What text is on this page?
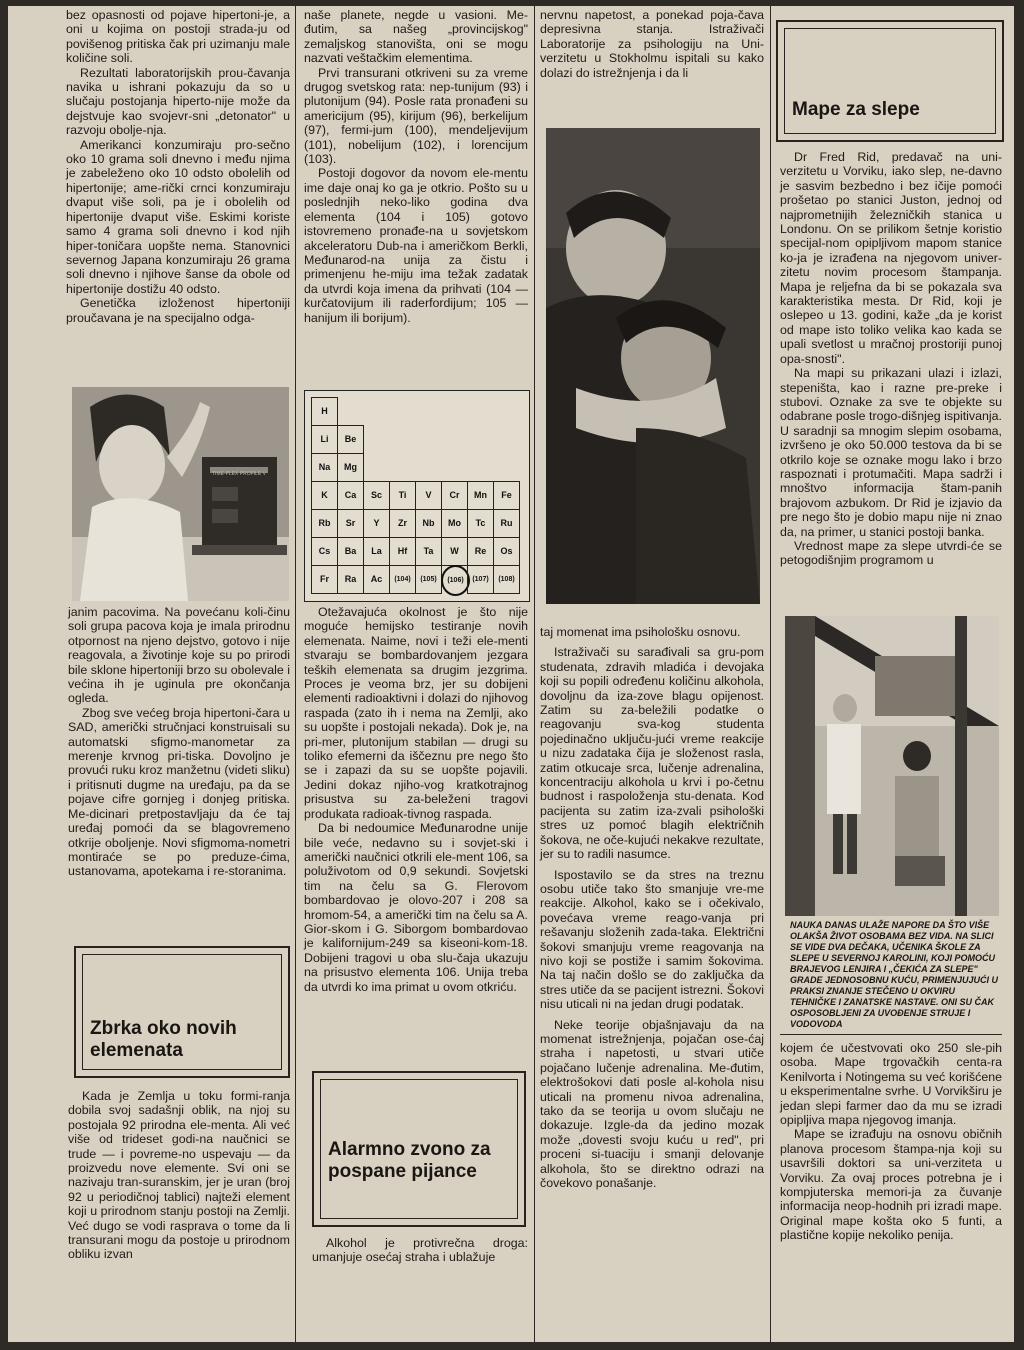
bez opasnosti od pojave hipertoni-je, a oni u kojima on postoji strada-ju od povišenog pritiska čak pri uzimanju male količine soli.

Rezultati laboratorijskih prou-čavanja navika u ishrani pokazuju da so u slučaju postojanja hiperto-nije može da dejstvuje kao svojevr-sni „detonator" u razvoju obolje-nja.

Amerikanci konzumiraju pro-sečno oko 10 grama soli dnevno i među njima je zabeleženo oko 10 odsto obolelih od hipertonije; ame-rički crnci konzumiraju dvaput više soli, pa je i obolelih od hipertonije dvaput više. Eskimi koriste samo 4 grama soli dnevno i kod njih hiper-toničara uopšte nema. Stanovnici severnog Japana konzumiraju 26 grama soli dnevno i njihove šanse da obole od hipertonije dostižu 40 odsto.

Genetička izloženost hipertoniji proučavana je na specijalno odga-

TIME-PLEX PROFILE V

janim pacovima. Na povećanu koli-činu soli grupa pacova koja je imala prirodnu otpornost na njeno dejstvo, gotovo i nije reagovala, a životinje koje su po prirodi bile sklone hipertoniji brzo su obolevale i većina ih je uginula pre okončanja ogleda.

Zbog sve većeg broja hipertoni-čara u SAD, američki stručnjaci konstruisali su automatski sfigmo-manometar za merenje krvnog pri-tiska. Dovoljno je provući ruku kroz manžetnu (videti sliku) i pritisnuti dugme na uređaju, pa da se pojave cifre gornjeg i donjeg pritiska. Me-dicinari pretpostavljaju da će taj uređaj pomoći da se blagovremeno otkrije oboljenje. Novi sfigmoma-nometri montiraće se po preduze-ćima, ustanovama, apotekama i re-storanima.

Zbrka oko novih elemenata

Kada je Zemlja u toku formi-ranja dobila svoj sadašnji oblik, na njoj su postojala 92 prirodna ele-menta. Ali već više od trideset godi-na naučnici se trude — i povreme-no uspevaju — da proizvedu nove elemente. Svi oni se nazivaju tran-suranskim, jer je uran (broj 92 u periodičnoj tablici) najteži element koji u prirodnom stanju postoji na Zemlji. Već dugo se vodi rasprava o tome da li transurani mogu da postoje u prirodnom obliku izvan

naše planete, negde u vasioni. Me-đutim, sa našeg „provincijskog" zemaljskog stanovišta, oni se mogu nazvati veštačkim elementima.

Prvi transurani otkriveni su za vreme drugog svetskog rata: nep-tunijum (93) i plutonijum (94). Posle rata pronađeni su americijum (95), kirijum (96), berkelijum (97), fermi-jum (100), mendeljevijum (101), nobelijum (102), i lorencijum (103).

Postoji dogovor da novom ele-mentu ime daje onaj ko ga je otkrio. Pošto su u poslednjih neko-liko godina dva elementa (104 i 105) gotovo istovremeno pronađe-na u sovjetskom akceleratoru Dub-na i američkom Berkli, Međunarod-na unija za čistu i primenjenu he-miju ima težak zadatak da utvrdi koja imena da prihvati (104 — kurčatovijum ili raderfordijum; 105 — hanijum ili borijum).

H
Li	Be
Na	Mg
K	Ca	Sc	Ti	V	Cr	Mn	Fe
Rb	Sr	Y	Zr	Nb	Mo	Tc	Ru
Cs	Ba	La	Hf	Ta	W	Re	Os
Fr	Ra	Ac	(104)	(105)	(106)	(107)	(108)

Otežavajuća okolnost je što nije moguće hemijsko testiranje novih elemenata. Naime, novi i teži ele-menti stvaraju se bombardovanjem jezgara teških elemenata sa drugim jezgrima. Proces je veoma brz, jer su dobijeni elementi radioaktivni i dolazi do njihovog raspada (zato ih i nema na Zemlji, ako su uopšte i postojali nekada). Dok je, na pri-mer, plutonijum stabilan — drugi su toliko efemerni da iščeznu pre nego što se i zapazi da su se uopšte pojavili. Jedini dokaz njiho-vog kratkotrajnog prisustva su za-beleženi tragovi produkata radioak-tivnog raspada.

Da bi nedoumice Međunarodne unije bile veće, nedavno su i sovjet-ski i američki naučnici otkrili ele-ment 106, sa poluživotom od 0,9 sekundi. Sovjetski tim na čelu sa G. Flerovom bombardovao je olovo-207 i 208 sa hromom-54, a američki tim na čelu sa A. Gior-skom i G. Siborgom bombardovao je kalifornijum-249 sa kiseoni-kom-18. Dobijeni tragovi u oba slu-čaja ukazuju na prisustvo elementa 106. Unija treba da utvrdi ko ima primat u ovom otkriću.

Alarmno zvono za pospane pijance

Alkohol je protivrečna droga: umanjuje osećaj straha i ublažuje

nervnu napetost, a ponekad poja-čava depresivna stanja. Istraživači Laboratorije za psihologiju na Uni-verzitetu u Stokholmu ispitali su kako dolazi do istrežnjenja i da li

taj momenat ima psihološku osnovu.

Istraživači su sarađivali sa gru-pom studenata, zdravih mladića i devojaka koji su popili određenu količinu alkohola, dovoljnu da iza-zove blagu opijenost. Zatim su za-beležili podatke o reagovanju sva-kog studenta pojedinačno uključu-jući vreme reakcije u nizu zadataka čija je složenost rasla, zatim otkucaje srca, lučenje adrenalina, koncentraciju alkohola u krvi i po-četnu budnost i raspoloženja stu-denata. Kod pacijenta su zatim iza-zvali psihološki stres uz pomoć blagih električnih šokova, ne oče-kujući nekakve rezultate, jer su to radili nasumce.

Ispostavilo se da stres na treznu osobu utiče tako što smanjuje vre-me reakcije. Alkohol, kako se i očekivalo, povećava vreme reago-vanja pri rešavanju složenih zada-taka. Električni šokovi smanjuju vreme reagovanja na nivo koji se postiže i samim šokovima. Na taj način došlo se do zaključka da stres utiče da se pacijent istrezni. Šokovi nisu uticali ni na jedan drugi podatak.

Neke teorije objašnjavaju da na momenat istrežnjenja, pojačan ose-ćaj straha i napetosti, u stvari utiče pojačano lučenje adrenalina. Me-đutim, elektrošokovi dati posle al-kohola nisu uticali na promenu nivoa adrenalina, tako da se teorija u ovom slučaju ne dokazuje. Izgle-da da jedino mozak može „dovesti svoju kuću u red", pri proceni si-tuaciju i smanji delovanje alkohola, što se direktno odrazi na čovekovo ponašanje.

Mape za slepe

Dr Fred Rid, predavač na uni-verzitetu u Vorviku, iako slep, ne-davno je sasvim bezbedno i bez ičije pomoći prošetao po stanici Juston, jednoj od najprometnijih železničkih stanica u Londonu. On se prilikom šetnje koristio specijal-nom opipljivom mapom stanice ko-ja je izrađena na njegovom univer-zitetu novim procesom štampanja. Mapa je reljefna da bi se pokazala sva karakteristika mesta. Dr Rid, koji je oslepeo u 13. godini, kaže „da je korist od mape isto toliko velika kao kada se upali svetlost u mračnoj prostoriji punoj opa-snosti".

Na mapi su prikazani ulazi i izlazi, stepeništa, kao i razne pre-preke i stubovi. Oznake za sve te objekte su odabrane posle trogo-dišnjeg ispitivanja. U saradnji sa mnogim slepim osobama, izvršeno je oko 50.000 testova da bi se otkrilo koje se oznake mogu lako i brzo raspoznati i protumačiti. Mapa sadrži i mnoštvo informacija štam-panih brajovom azbukom. Dr Rid je izjavio da pre nego što je dobio mapu nije ni znao da, na primer, u stanici postoji banka.

Vrednost mape za slepe utvrdi-će se petogodišnjim programom u

NAUKA DANAS ULAŽE NAPORE DA ŠTO VIŠE OLAKŠA ŽIVOT OSOBAMA BEZ VIDA. NA SLICI SE VIDE DVA DEČAKA, UČENIKA ŠKOLE ZA SLEPE U SEVERNOJ KAROLINI, KOJI POMOĆU BRAJEVOG LENJIRA I „ČEKIĆA ZA SLEPE" GRADE JEDNOSOBNU KUĆU, PRIMENJUJUĆI U PRAKSI ZNANJE STEČENO U OKVIRU TEHNIČKE I ZANATSKE NASTAVE. ONI SU ČAK OSPOSOBLJENI ZA UVOĐENJE STRUJE I VODOVODA

kojem će učestvovati oko 250 sle-pih osoba. Mape trgovačkih centa-ra Kenilvorta i Notingema su već korišćene u eksperimentalne svrhe. U Vorvikširu je jedan slepi farmer dao da mu se izradi opipljiva mapa njegovog imanja.

Mape se izrađuju na osnovu običnih planova procesom štampa-nja koji su usavršili doktori sa uni-verziteta u Vorviku. Za ovaj proces potrebna je i kompjuterska memori-ja za čuvanje informacija neop-hodnih pri izradi mape. Original mape košta oko 5 funti, a plastične kopije nekoliko penija.
